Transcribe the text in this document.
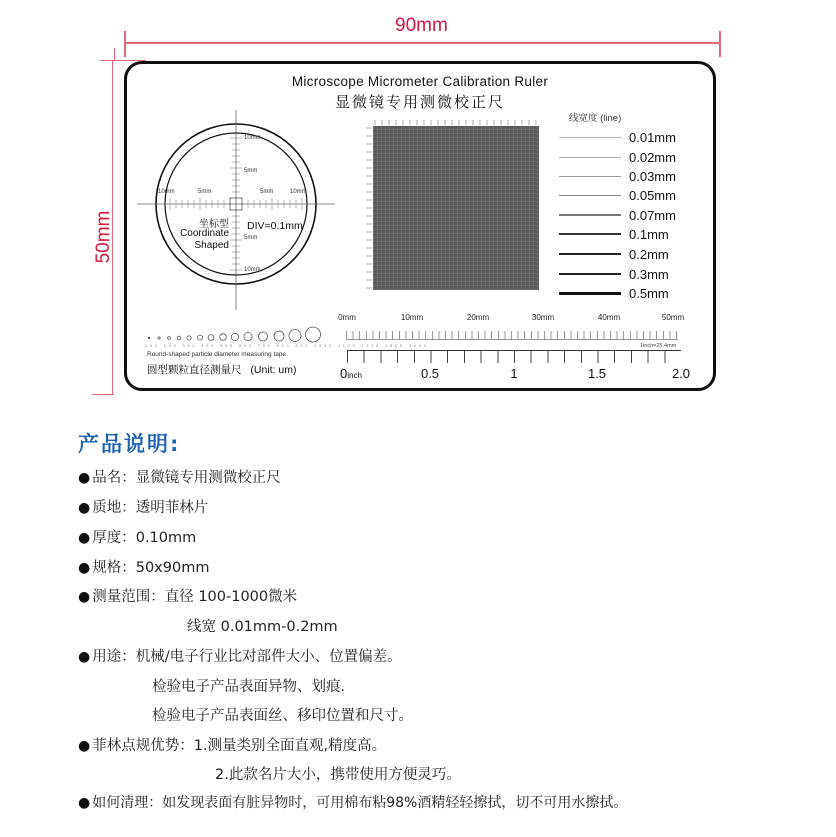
90mm
50mm
Microscope Micrometer Calibration Ruler
显微镜专用测微校正尺
10mm	5mm	5mm	10mm
10mm
5mm
5mm
10mm
坐标型
Coordinate
Shaped
DIV=0.1mm
100 200 300 400 500 600 700 800 900 1000 1100 1200 1500 2000
Round-shaped particle diameter measuring tape
圆型颗粒直径测量尺 (Unit: um)
线宽度 (line)
0.01mm
0.02mm
0.03mm
0.05mm
0.07mm
0.1mm
0.2mm
0.3mm
0.5mm
0mm	10mm	20mm	30mm	40mm	50mm
1inch=25.4mm
0inch	0.5	1	1.5	2.0
产品说明:
● 品名：显微镜专用测微校正尺
● 质地：透明菲林片
● 厚度：0.10mm
● 规格：50x90mm
● 测量范围：直径 100-1000微米
线宽 0.01mm-0.2mm
● 用途：机械/电子行业比对部件大小、位置偏差。
检验电子产品表面异物、划痕.
检验电子产品表面丝、移印位置和尺寸。
● 菲林点规优势：1.测量类别全面直观,精度高。
2.此款名片大小，携带使用方便灵巧。
● 如何清理：如发现表面有脏异物时，可用棉布粘98%酒精轻轻擦拭，切不可用水擦拭。
